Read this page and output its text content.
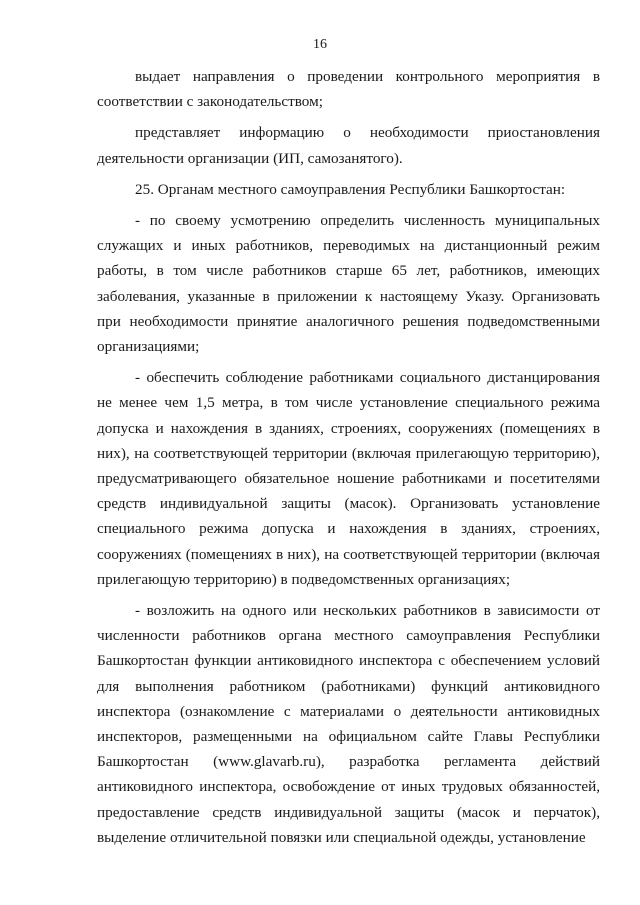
16

выдает направления о проведении контрольного мероприятия в соответствии с законодательством;

представляет информацию о необходимости приостановления деятельности организации (ИП, самозанятого).

25. Органам местного самоуправления Республики Башкортостан:

- по своему усмотрению определить численность муниципальных служащих и иных работников, переводимых на дистанционный режим работы, в том числе работников старше 65 лет, работников, имеющих заболевания, указанные в приложении к настоящему Указу. Организовать при необходимости принятие аналогичного решения подведомственными организациями;

- обеспечить соблюдение работниками социального дистанцирования не менее чем 1,5 метра, в том числе установление специального режима допуска и нахождения в зданиях, строениях, сооружениях (помещениях в них), на соответствующей территории (включая прилегающую территорию), предусматривающего обязательное ношение работниками и посетителями средств индивидуальной защиты (масок). Организовать установление специального режима допуска и нахождения в зданиях, строениях, сооружениях (помещениях в них), на соответствующей территории (включая прилегающую территорию) в подведомственных организациях;

- возложить на одного или нескольких работников в зависимости от численности работников органа местного самоуправления Республики Башкортостан функции антиковидного инспектора с обеспечением условий для выполнения работником (работниками) функций антиковидного инспектора (ознакомление с материалами о деятельности антиковидных инспекторов, размещенными на официальном сайте Главы Республики Башкортостан (www.glavarb.ru), разработка регламента действий антиковидного инспектора, освобождение от иных трудовых обязанностей, предоставление средств индивидуальной защиты (масок и перчаток), выделение отличительной повязки или специальной одежды, установление
